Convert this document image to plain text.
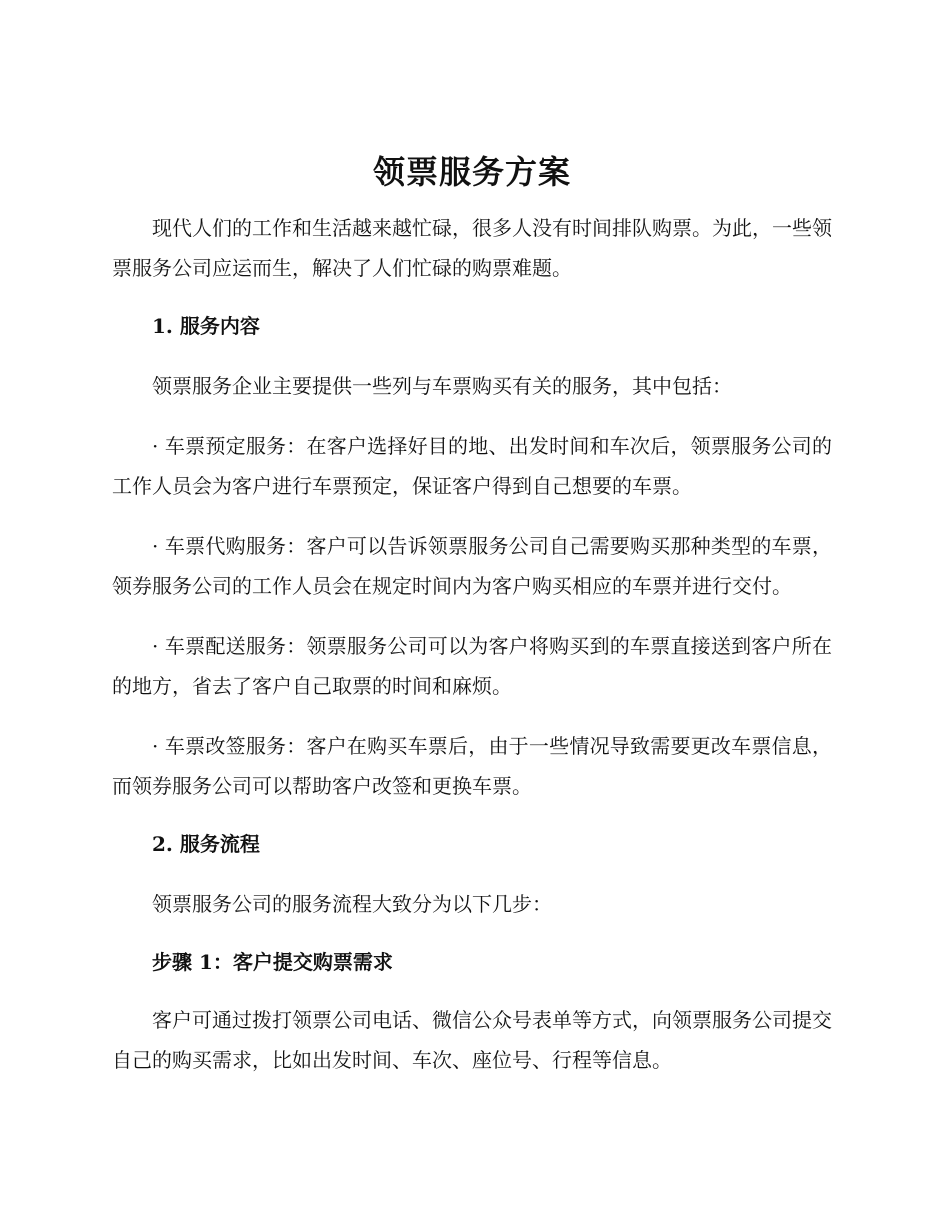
领票服务方案

现代人们的工作和生活越来越忙碌，很多人没有时间排队购票。为此，一些领票服务公司应运而生，解决了人们忙碌的购票难题。

1. 服务内容

领票服务企业主要提供一些列与车票购买有关的服务，其中包括：

· 车票预定服务：在客户选择好目的地、出发时间和车次后，领票服务公司的工作人员会为客户进行车票预定，保证客户得到自己想要的车票。

· 车票代购服务：客户可以告诉领票服务公司自己需要购买那种类型的车票，领券服务公司的工作人员会在规定时间内为客户购买相应的车票并进行交付。

· 车票配送服务：领票服务公司可以为客户将购买到的车票直接送到客户所在的地方，省去了客户自己取票的时间和麻烦。

· 车票改签服务：客户在购买车票后，由于一些情况导致需要更改车票信息，而领券服务公司可以帮助客户改签和更换车票。

2. 服务流程

领票服务公司的服务流程大致分为以下几步：

步骤 1：客户提交购票需求

客户可通过拨打领票公司电话、微信公众号表单等方式，向领票服务公司提交自己的购买需求，比如出发时间、车次、座位号、行程等信息。
